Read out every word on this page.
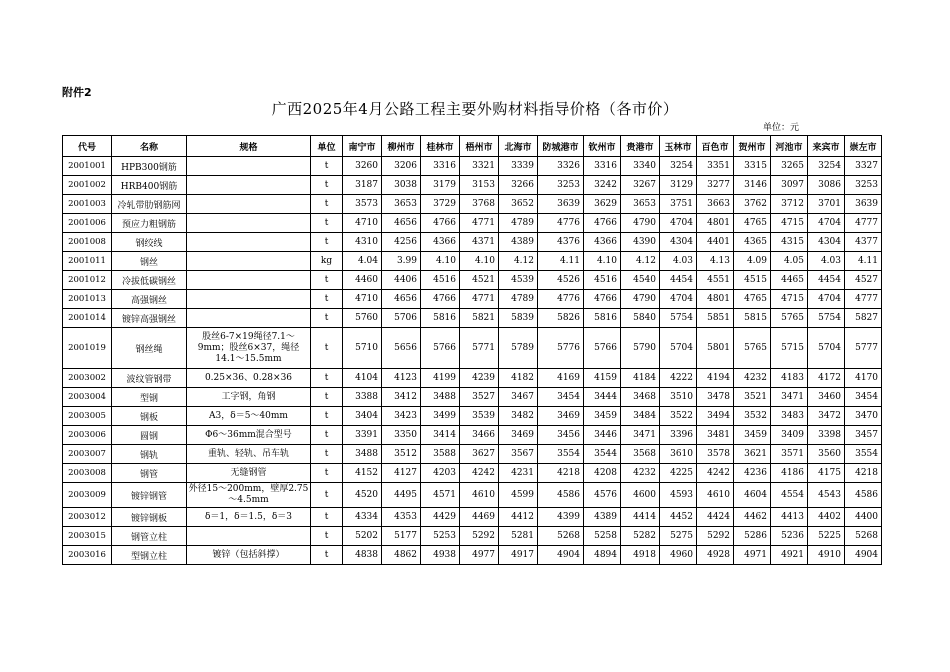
附件2
广西2025年4月公路工程主要外购材料指导价格（各市价）
单位：元
代号	名称	规格	单位	南宁市	柳州市	桂林市	梧州市	北海市	防城港市	钦州市	贵港市	玉林市	百色市	贺州市	河池市	来宾市	崇左市
2001001	HPB300钢筋		t	3260	3206	3316	3321	3339	3326	3316	3340	3254	3351	3315	3265	3254	3327
2001002	HRB400钢筋		t	3187	3038	3179	3153	3266	3253	3242	3267	3129	3277	3146	3097	3086	3253
2001003	冷轧带肋钢筋网		t	3573	3653	3729	3768	3652	3639	3629	3653	3751	3663	3762	3712	3701	3639
2001006	预应力粗钢筋		t	4710	4656	4766	4771	4789	4776	4766	4790	4704	4801	4765	4715	4704	4777
2001008	钢绞线		t	4310	4256	4366	4371	4389	4376	4366	4390	4304	4401	4365	4315	4304	4377
2001011	钢丝		kg	4.04	3.99	4.10	4.10	4.12	4.11	4.10	4.12	4.03	4.13	4.09	4.05	4.03	4.11
2001012	冷拔低碳钢丝		t	4460	4406	4516	4521	4539	4526	4516	4540	4454	4551	4515	4465	4454	4527
2001013	高强钢丝		t	4710	4656	4766	4771	4789	4776	4766	4790	4704	4801	4765	4715	4704	4777
2001014	镀锌高强钢丝		t	5760	5706	5816	5821	5839	5826	5816	5840	5754	5851	5815	5765	5754	5827
2001019	钢丝绳	股丝6-7×19绳径7.1～9mm；股丝6×37，绳径14.1～15.5mm	t	5710	5656	5766	5771	5789	5776	5766	5790	5704	5801	5765	5715	5704	5777
2003002	波纹管钢带	0.25×36、0.28×36	t	4104	4123	4199	4239	4182	4169	4159	4184	4222	4194	4232	4183	4172	4170
2003004	型钢	工字钢，角钢	t	3388	3412	3488	3527	3467	3454	3444	3468	3510	3478	3521	3471	3460	3454
2003005	钢板	A3，δ＝5～40mm	t	3404	3423	3499	3539	3482	3469	3459	3484	3522	3494	3532	3483	3472	3470
2003006	圆钢	Φ6～36mm混合型号	t	3391	3350	3414	3466	3469	3456	3446	3471	3396	3481	3459	3409	3398	3457
2003007	钢轨	重轨、轻轨、吊车轨	t	3488	3512	3588	3627	3567	3554	3544	3568	3610	3578	3621	3571	3560	3554
2003008	钢管	无缝钢管	t	4152	4127	4203	4242	4231	4218	4208	4232	4225	4242	4236	4186	4175	4218
2003009	镀锌钢管	外径15～200mm，壁厚2.75～4.5mm	t	4520	4495	4571	4610	4599	4586	4576	4600	4593	4610	4604	4554	4543	4586
2003012	镀锌钢板	δ＝1，δ＝1.5，δ＝3	t	4334	4353	4429	4469	4412	4399	4389	4414	4452	4424	4462	4413	4402	4400
2003015	钢管立柱		t	5202	5177	5253	5292	5281	5268	5258	5282	5275	5292	5286	5236	5225	5268
2003016	型钢立柱	镀锌（包括斜撑）	t	4838	4862	4938	4977	4917	4904	4894	4918	4960	4928	4971	4921	4910	4904
